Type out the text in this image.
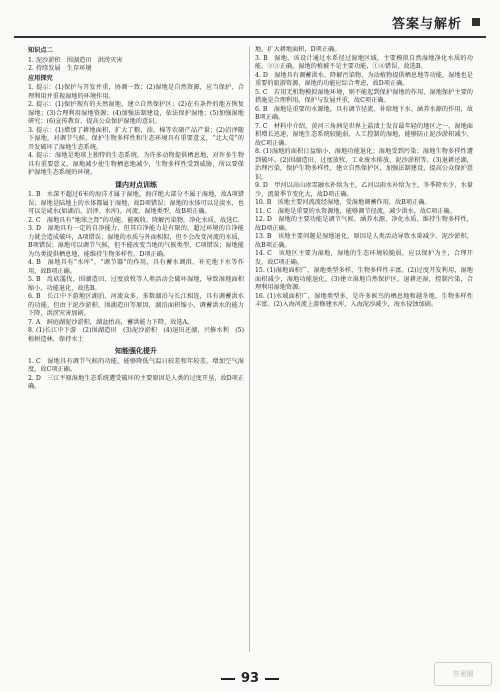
答案与解析
知识点二

1. 泥沙淤积　围湖造田　洪涝灾害

2. 持续发展　生存环境

应用探究

1. 提示：(1)保护与开发并重，协调一致；(2)湿地是自然资源，应当保护、合理利用并重视湿地的环境作用。

2. 提示：(1)保护现有的天然湿地，建立自然保护区；(2)在有条件的地方恢复湿地；(3)合理利用湿地资源；(4)加强法制建设，依法保护湿地；(5)加强湿地研究；(6)宣传教育，提高公众保护湿地的意识。

3. 提示：(1)增加了耕地面积，扩大了粮、油、棉等农副产品产量；(2)沼泽随下湿地，对调节气候，保护生物多样性和生态环境具有重要意义，“北大荒”的开发破坏了湿地生态系统。

4. 提示：湿地是地球上独特的生态系统，为许多动物提供栖息地，对许多生物具有重要意义，湿地减少使生物栖息地减少，生物多样性受到威胁，所以要保护湿地生态系统的环境。

课内对点训练

1. B　水深不超过6米的海洋才属于湿地，海洋绝大部分不属于湿地，故A项错误；湿地是陆地上的水体都属于湿地，故D项错误；湿地的水体可以是淡水，也可以是咸水(如湖泊、沼泽、水库)、河流、湿地类型，故B项正确。

2. C　湿地具有“地球之肾”的功能，能吸收、降解污染物，净化水质，故选C。

3. D　湿地具有一定的自净能力，但其自净能力是有限的，超过环境的自净能力就会造成破坏，A项错误；湿地的水质与外面相似，但不会改变河流的水质，B项错误；湿地可以调节气候，但不能改变当地的气候类型，C项错误；湿地能为鸟类提供栖息地，能维持生物多样性，D项正确。

4. B　湿地具有“水库”、“调节器”的作用，具有蓄水调洪、补充地下水等作用，故B项正确。

5. B　乱砍滥伐、围湖造田、过度放牧等人类活动会破坏湿地，导致湿地面积缩小，功能退化，故选B。

6. B　长江中下游地区湖泊、河流众多，多数湖泊与长江相连，具有调蓄洪水的功能，但由于泥沙淤积、围湖造田等原因，湖泊面积缩小，调蓄洪水的能力下降，洪涝灾害加剧。

7. A　洞庭湖泥沙淤积，湖盆抬高，蓄洪能力下降，故选A。

8. (1)长江中下游　(2)围湖造田　(3)泥沙淤积　(4)退田还湖，兴修水利　(5)植树造林，保持水土

知能强化提升

1. C　湿地具有调节气候的功能，能够降低气温日较差和年较差，增加空气湿度，故C项正确。

2. D　三江平原湿地生态系统遭受破坏的主要原因是人类的过度开垦，故D项正确。

地，扩大耕地面积，D项正确。

3. B　湿地，该设计通过水系径过湿地区域，主要模拟自然湿地净化水质的功能，②③正确，湿地的植被不是主要功能，①④错误，故选B。

4. D　湿地具有调蓄洪水、降解污染物、为动植物提供栖息地等功能，湿地也是重要的旅游资源，湿地的功能应综合考虑，故D项正确。

5. C　若用无机物模拟湿地环境，则不能起到保护湿地的作用，湿地保护主要的措施是合理利用、保护与发展并重，故C项正确。

6. B　湿地是重要的水源地，具有调节径流、补给地下水、涵养水源的作用，故B项正确。

7. C　材料中介绍，黄河三角洲是世界上盐渍土发育最年轻的地区之一，湿地面积增长迅速，湿地生态系统较脆弱，人工控制的湿地，能够防止泥沙淤积减少，故C项正确。

8. (1)湿地的面积日益缩小，湿地功能退化；湿地受到污染；湿地生物多样性遭到破坏。(2)围湖造田、过度放牧、工业废水排放、泥沙淤积等。(3)退耕还湖，治理污染，保护生物多样性，建立自然保护区，加强法制建设，提高公众保护意识。

9. D　甲河以高山冰雪融水补给为主，乙河以雨水补给为主，冬季降水少、水量少，流量季节变化大，故D项正确。

10. B　该地主要河流流经湿地，受湿地调蓄作用，故B项正确。

11. C　湿地是重要的水资源地，能够调节径流，减少洪水，故C项正确。

12. D　湿地的主要功能是调节气候、涵养水源、净化水质、维持生物多样性，故D项正确。

13. B　该地主要问题是湿地退化，原因是人类活动导致水量减少、泥沙淤积，故B项正确。

14. C　该地区主要为湿地，湿地的生态环境较脆弱，应以保护为主，合理开发，故C项正确。

15. (1)湿地面积广，湿地类型多样，生物多样性丰富。(2)过度开发利用，湿地面积减少，湿地功能退化。(3)建立湿地自然保护区，退耕还湿，控制污染，合理利用湿地资源。

16. (1)水域面积广，湿地类型多，是许多候鸟的栖息地和越冬地，生物多样性丰富。(2)入海河流上游修建水库，入海泥沙减少，海水侵蚀加剧。

93	答案圈
